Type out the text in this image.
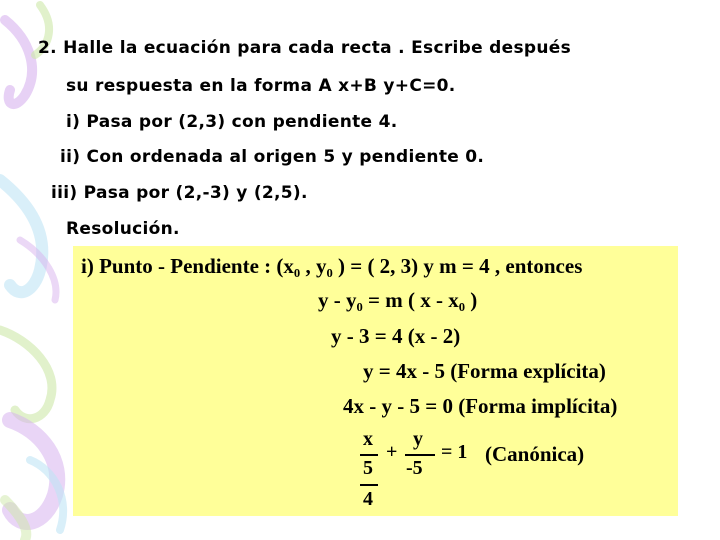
2. Halle la ecuación para cada recta . Escribe después
su respuesta en la forma A x+B y+C=0.
i) Pasa por (2,3) con pendiente 4.
ii) Con ordenada al origen 5 y pendiente 0.
iii) Pasa por (2,-3) y (2,5).
Resolución.
i) Punto - Pendiente : (x₀ , y₀ ) = ( 2, 3) y m = 4 , entonces
y - y₀ = m ( x - x₀ )
y - 3 = 4 (x - 2)
y = 4x - 5 (Forma explícita)
4x - y - 5 = 0 (Forma implícita)
x
5
4
+
y
-5
= 1 (Canónica)
